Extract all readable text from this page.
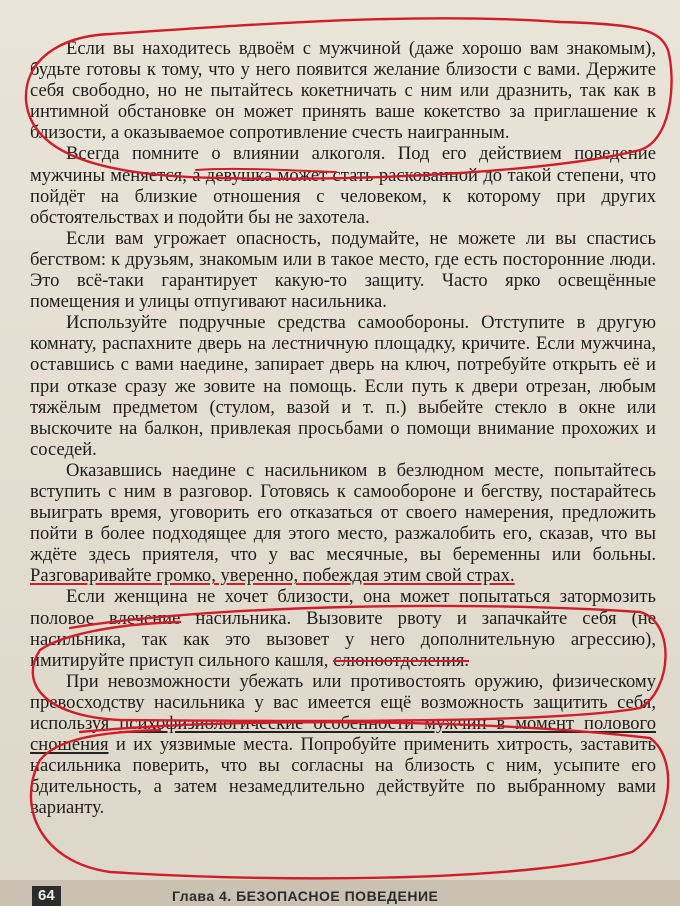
Если вы находитесь вдвоём с мужчиной (даже хорошо вам знакомым), будьте готовы к тому, что у него появится желание близости с вами. Держите себя свободно, но не пытайтесь кокетничать с ним или дразнить, так как в интимной обстановке он может принять ваше кокетство за приглашение к близости, а оказываемое сопротивление счесть наигранным.

Всегда помните о влиянии алкоголя. Под его действием поведение мужчины меняется, а девушка может стать раскованной до такой степени, что пойдёт на близкие отношения с человеком, к которому при других обстоятельствах и подойти бы не захотела.

Если вам угрожает опасность, подумайте, не можете ли вы спастись бегством: к друзьям, знакомым или в такое место, где есть посторонние люди. Это всё-таки гарантирует какую-то защиту. Часто ярко освещённые помещения и улицы отпугивают насильника.

Используйте подручные средства самообороны. Отступите в другую комнату, распахните дверь на лестничную площадку, кричите. Если мужчина, оставшись с вами наедине, запирает дверь на ключ, потребуйте открыть её и при отказе сразу же зовите на помощь. Если путь к двери отрезан, любым тяжёлым предметом (стулом, вазой и т. п.) выбейте стекло в окне или выскочите на балкон, привлекая просьбами о помощи внимание прохожих и соседей.

Оказавшись наедине с насильником в безлюдном месте, попытайтесь вступить с ним в разговор. Готовясь к самообороне и бегству, постарайтесь выиграть время, уговорить его отказаться от своего намерения, предложить пойти в более подходящее для этого место, разжалобить его, сказав, что вы ждёте здесь приятеля, что у вас месячные, вы беременны или больны. Разговаривайте громко, уверенно, побеждая этим свой страх.

Если женщина не хочет близости, она может попытаться затормозить половое влечение насильника. Вызовите рвоту и запачкайте себя (не насильника, так как это вызовет у него дополнительную агрессию), имитируйте приступ сильного кашля, слюноотделения.

При невозможности убежать или противостоять оружию, физическому превосходству насильника у вас имеется ещё возможность защитить себя, используя психофизиологические особенности мужчин в момент полового сношения и их уязвимые места. Попробуйте применить хитрость, заставить насильника поверить, что вы согласны на близость с ним, усыпите его бдительность, а затем незамедлительно действуйте по выбранному вами варианту.

64	Глава 4. БЕЗОПАСНОЕ ПОВЕДЕНИЕ
